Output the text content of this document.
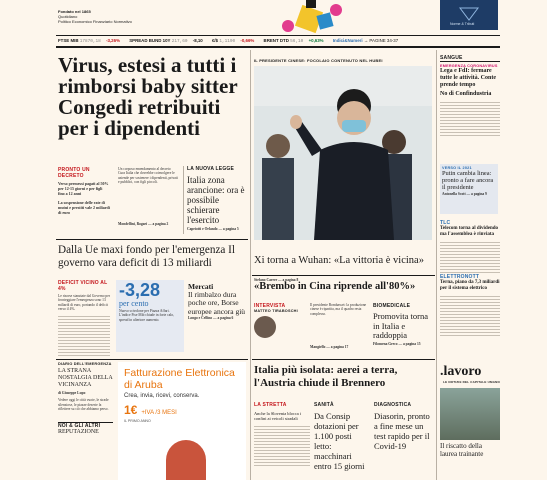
Fondato nel 1865
Quotidiano
Politico Economico Finanziario Normativo	Norme & Tributi
FTSE MIB 17870,18 -3,26% SPREAD BUND 10Y 217,60 -8,10 €/$ 1,1190 -0,66% BRENT DTD 56,10 +0,63% Indici&Numeri → PAGINE 34-37
Virus, estesi a tutti i rimborsi baby sitter Congedi retribuiti per i dipendenti
PRONTO UN DECRETO
Verso permessi pagati al 50% per 12-15 giorni e per figli fino a 12 anni
La sospensione delle rate di mutui e prestiti vale 2 miliardi di euro
Un corposo emendamento al decreto Cura Italia che dovrebbe coinvolgere le aziende per sostenere i dipendenti, privati e pubblici, con figli piccoli.
Mondellini, Rogari — a pagina 2
LA NUOVA LEGGE
Italia zona arancione: ora è possibile schierare l'esercito
Capriotti e Orlando — a pagina 5
IL PRESIDENTE CINESE: FOCOLAIO CONTENUTO NEL HUBEI
Xi torna a Wuhan: «La vittoria è vicina» Stefano Carrer — a pagina 8
SANGUE
EMERGENZA CORONAVIRUS
Lega e FdI: fermare tutte le attività. Conte prende tempo
No di Confindustria
VERSO IL 2021
Putin cambia linea: pronto a fare ancora il presidente
Antonella Scott — a pagina 9
TLC
Telecom torna al dividendo ma l'assemblea è rinviata
ELETTRONOTT
Terna, piano da 7,3 miliardi per il sistema elettrico
.lavoro
LE NOTIZIE DEL CAPITALE UMANO
Il riscatto della laurea trainante
Dalla Ue maxi fondo per l'emergenza Il governo vara deficit di 13 miliardi
DEFICIT VICINO AL 4%
Le risorse stanziate dal Governo per fronteggiare l'emergenza sono 13 miliardi di euro, portando il deficit verso il 4%.
-3,28
per cento
Nuovo scivolone per Piazza Affari. L'indice Ftse Mib chiude in forte calo, spread in ulteriore aumento.
Mercati
Il rimbalzo dura poche ore, Borse europee ancora giù
Longo e Cellino — a pagina 6
«Brembo in Cina riprende all'80%»
INTERVISTA
MATTEO TIRABOSCHI
Il presidente Bombassei: la produzione cinese è ripartita, ma il quadro resta complesso.
Mangiello — a pagina 17
BIOMEDICALE
Promovita torna in Italia e raddoppia
Filomena Greco — a pagina 15
DIARIO DELL'EMERGENZA
LA STRANA NOSTALGIA DELLA VICINANZA
di Giuseppe Lupo
Vedere oggi le città vuote, le strade silenziose, le piazze deserte fa riflettere su ciò che abbiamo perso.
NOI & GLI ALTRI
REPUTAZIONE
Fatturazione Elettronica di Aruba
Crea, invia, ricevi, conserva.
1€ +IVA /3 MESI
IL PRIMO ANNO
Italia più isolata: aerei a terra, l'Austria chiude il Brennero
LA STRETTA
Anche la Slovenia blocca i confini ai veicoli stradali
SANITÀ
Da Consip dotazioni per 1.100 posti letto: macchinari entro 15 giorni
DIAGNOSTICA
Diasorin, pronto a fine mese un test rapido per il Covid-19
